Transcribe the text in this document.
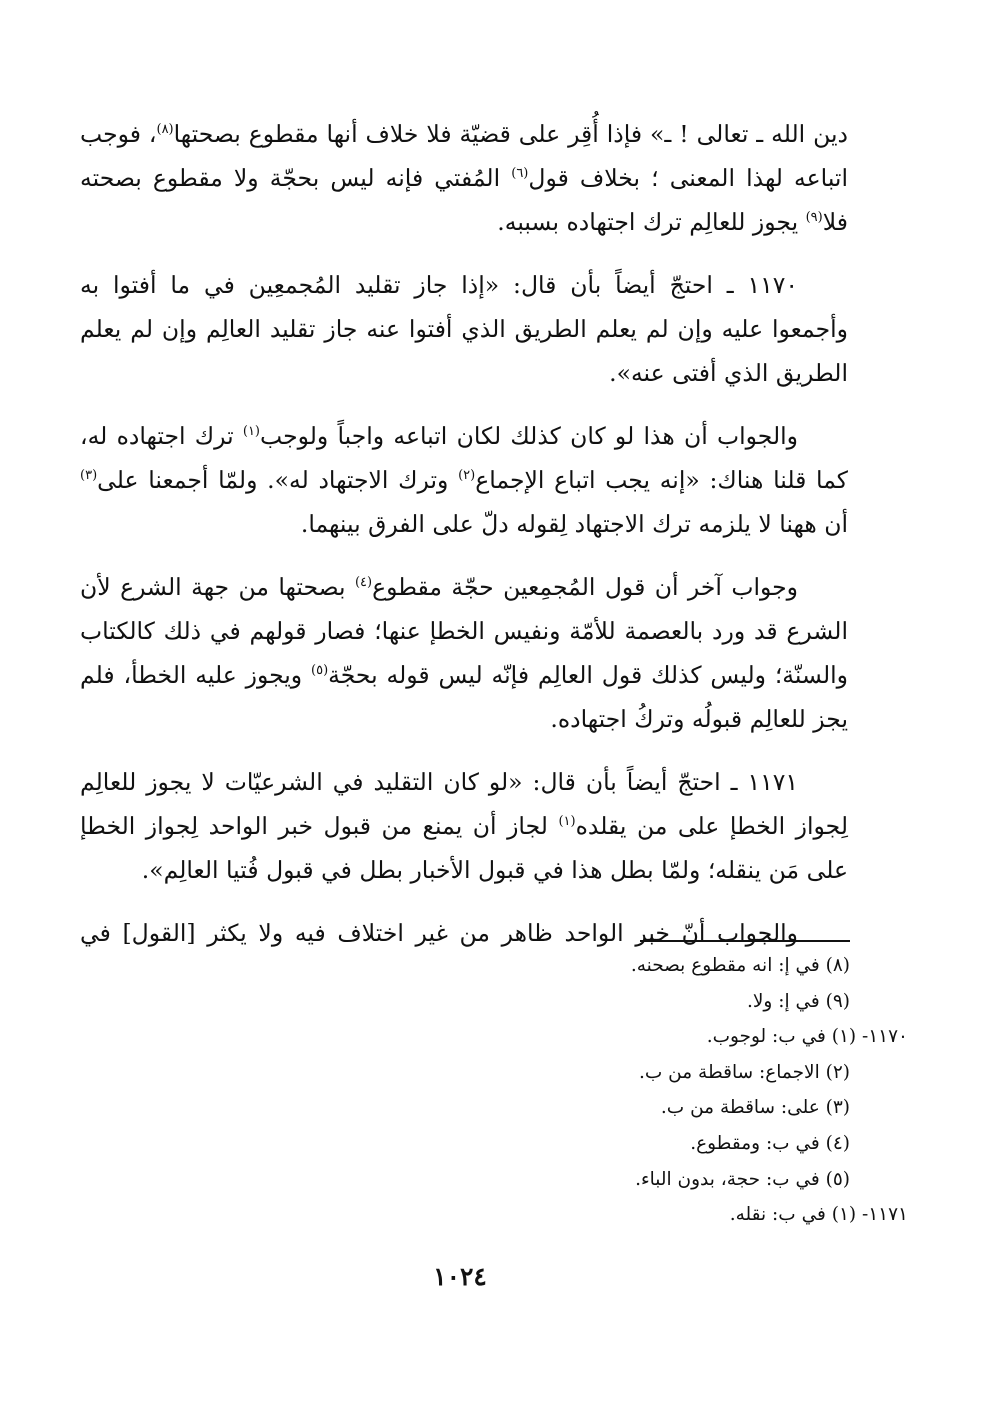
دين الله ـ تعالى ! ـ» فإذا أُقِر على قضيّة فلا خلاف أنها مقطوع بصحتها$^{(٨)}$، فوجب اتباعه لهذا المعنى ؛ بخلاف قول$^{(٦)}$ المُفتي فإنه ليس بحجّة ولا مقطوع بصحته فلا$^{(٩)}$ يجوز للعالِم ترك اجتهاده بسببه.

١١٧٠ ـ احتجّ أيضاً بأن قال: «إذا جاز تقليد المُجمعِين في ما أفتوا به وأجمعوا عليه وإن لم يعلم الطريق الذي أفتوا عنه جاز تقليد العالِم وإن لم يعلم الطريق الذي أفتى عنه».

والجواب أن هذا لو كان كذلك لكان اتباعه واجباً ولوجب$^{(١)}$ ترك اجتهاده له، كما قلنا هناك: «إنه يجب اتباع الإجماع$^{(٢)}$ وترك الاجتهاد له». ولمّا أجمعنا على$^{(٣)}$ أن ههنا لا يلزمه ترك الاجتهاد لِقوله دلّ على الفرق بينهما.

وجواب آخر أن قول المُجمِعين حجّة مقطوع$^{(٤)}$ بصحتها من جهة الشرع لأن الشرع قد ورد بالعصمة للأمّة ونفيس الخطإ عنها؛ فصار قولهم في ذلك كالكتاب والسنّة؛ وليس كذلك قول العالِم فإنّه ليس قوله بحجّة$^{(٥)}$ ويجوز عليه الخطأ، فلم يجز للعالِم قبولُه وتركُ اجتهاده.

١١٧١ ـ احتجّ أيضاً بأن قال: «لو كان التقليد في الشرعيّات لا يجوز للعالِم لِجواز الخطإ على من يقلده$^{(١)}$ لجاز أن يمنع من قبول خبر الواحد لِجواز الخطإ على مَن ينقله؛ ولمّا بطل هذا في قبول الأخبار بطل في قبول فُتيا العالِم».

والجواب أنّ خبر الواحد ظاهر من غير اختلاف فيه ولا يكثر [القول] في

(٨) في إ: انه مقطوع بصحنه.
(٩) في إ: ولا.
١١٧٠- (١) في ب: لوجوب.
(٢) الاجماع: ساقطة من ب.
(٣) على: ساقطة من ب.
(٤) في ب: ومقطوع.
(٥) في ب: حجة، بدون الباء.
١١٧١- (١) في ب: نقله.
١٠٢٤
